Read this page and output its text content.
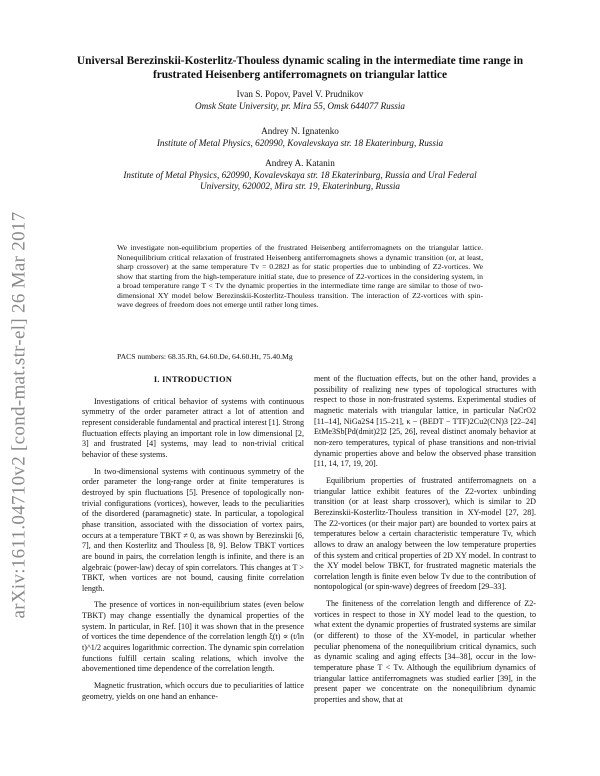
arXiv:1611.04710v2 [cond-mat.str-el] 26 Mar 2017
Universal Berezinskii-Kosterlitz-Thouless dynamic scaling in the intermediate time range in frustrated Heisenberg antiferromagnets on triangular lattice
Ivan S. Popov, Pavel V. Prudnikov
Omsk State University, pr. Mira 55, Omsk 644077 Russia
Andrey N. Ignatenko
Institute of Metal Physics, 620990, Kovalevskaya str. 18 Ekaterinburg, Russia
Andrey A. Katanin
Institute of Metal Physics, 620990, Kovalevskaya str. 18 Ekaterinburg, Russia and Ural Federal University, 620002, Mira str. 19, Ekaterinburg, Russia
We investigate non-equilibrium properties of the frustrated Heisenberg antiferromagnets on the triangular lattice. Nonequilibrium critical relaxation of frustrated Heisenberg antiferromagnets shows a dynamic transition (or, at least, sharp crossover) at the same temperature Tv = 0.282J as for static properties due to unbinding of Z2-vortices. We show that starting from the high-temperature initial state, due to presence of Z2-vortices in the considering system, in a broad temperature range T < Tv the dynamic properties in the intermediate time range are similar to those of two-dimensional XY model below Berezinskii-Kosterlitz-Thouless transition. The interaction of Z2-vortices with spin-wave degrees of freedom does not emerge until rather long times.
PACS numbers: 68.35.Rh, 64.60.De, 64.60.Ht, 75.40.Mg
I. INTRODUCTION

Investigations of critical behavior of systems with continuous symmetry of the order parameter attract a lot of attention and represent considerable fundamental and practical interest [1]. Strong fluctuation effects playing an important role in low dimensional [2, 3] and frustrated [4] systems, may lead to non-trivial critical behavior of these systems.

In two-dimensional systems with continuous symmetry of the order parameter the long-range order at finite temperatures is destroyed by spin fluctuations [5]. Presence of topologically non-trivial configurations (vortices), however, leads to the peculiarities of the disordered (paramagnetic) state. In particular, a topological phase transition, associated with the dissociation of vortex pairs, occurs at a temperature TBKT ≠ 0, as was shown by Berezinskii [6, 7], and then Kosterlitz and Thouless [8, 9]. Below TBKT vortices are bound in pairs, the correlation length is infinite, and there is an algebraic (power-law) decay of spin correlators. This changes at T > TBKT, when vortices are not bound, causing finite correlation length.

The presence of vortices in non-equilibrium states (even below TBKT) may change essentially the dynamical properties of the system. In particular, in Ref. [10] it was shown that in the presence of vortices the time dependence of the correlation length ξ(t) ∝ (t/ln t)^1/2 acquires logarithmic correction. The dynamic spin correlation functions fulfill certain scaling relations, which involve the abovementioned time dependence of the correlation length.

Magnetic frustration, which occurs due to peculiarities of lattice geometry, yields on one hand an enhance-

ment of the fluctuation effects, but on the other hand, provides a possibility of realizing new types of topological structures with respect to those in non-frustrated systems. Experimental studies of magnetic materials with triangular lattice, in particular NaCrO2 [11–14], NiGa2S4 [15–21], κ − (BEDT − TTF)2Cu2(CN)3 [22–24] EtMe3Sb[Pd(dmit)2]2 [25, 26], reveal distinct anomaly behavior at non-zero temperatures, typical of phase transitions and non-trivial dynamic properties above and below the observed phase transition [11, 14, 17, 19, 20].

Equilibrium properties of frustrated antiferromagnets on a triangular lattice exhibit features of the Z2-vortex unbinding transition (or at least sharp crossover), which is similar to 2D Berezinskii-Kosterlitz-Thouless transition in XY-model [27, 28]. The Z2-vortices (or their major part) are bounded to vortex pairs at temperatures below a certain characteristic temperature Tv, which allows to draw an analogy between the low temperature properties of this system and critical properties of 2D XY model. In contrast to the XY model below TBKT, for frustrated magnetic materials the correlation length is finite even below Tv due to the contribution of nontopological (or spin-wave) degrees of freedom [29–33].

The finiteness of the correlation length and difference of Z2-vortices in respect to those in XY model lead to the question, to what extent the dynamic properties of frustrated systems are similar (or different) to those of the XY-model, in particular whether peculiar phenomena of the nonequilibrium critical dynamics, such as dynamic scaling and aging effects [34–38], occur in the low-temperature phase T < Tv. Although the equilibrium dynamics of triangular lattice antiferromagnets was studied earlier [39], in the present paper we concentrate on the nonequilibrium dynamic properties and show, that at
